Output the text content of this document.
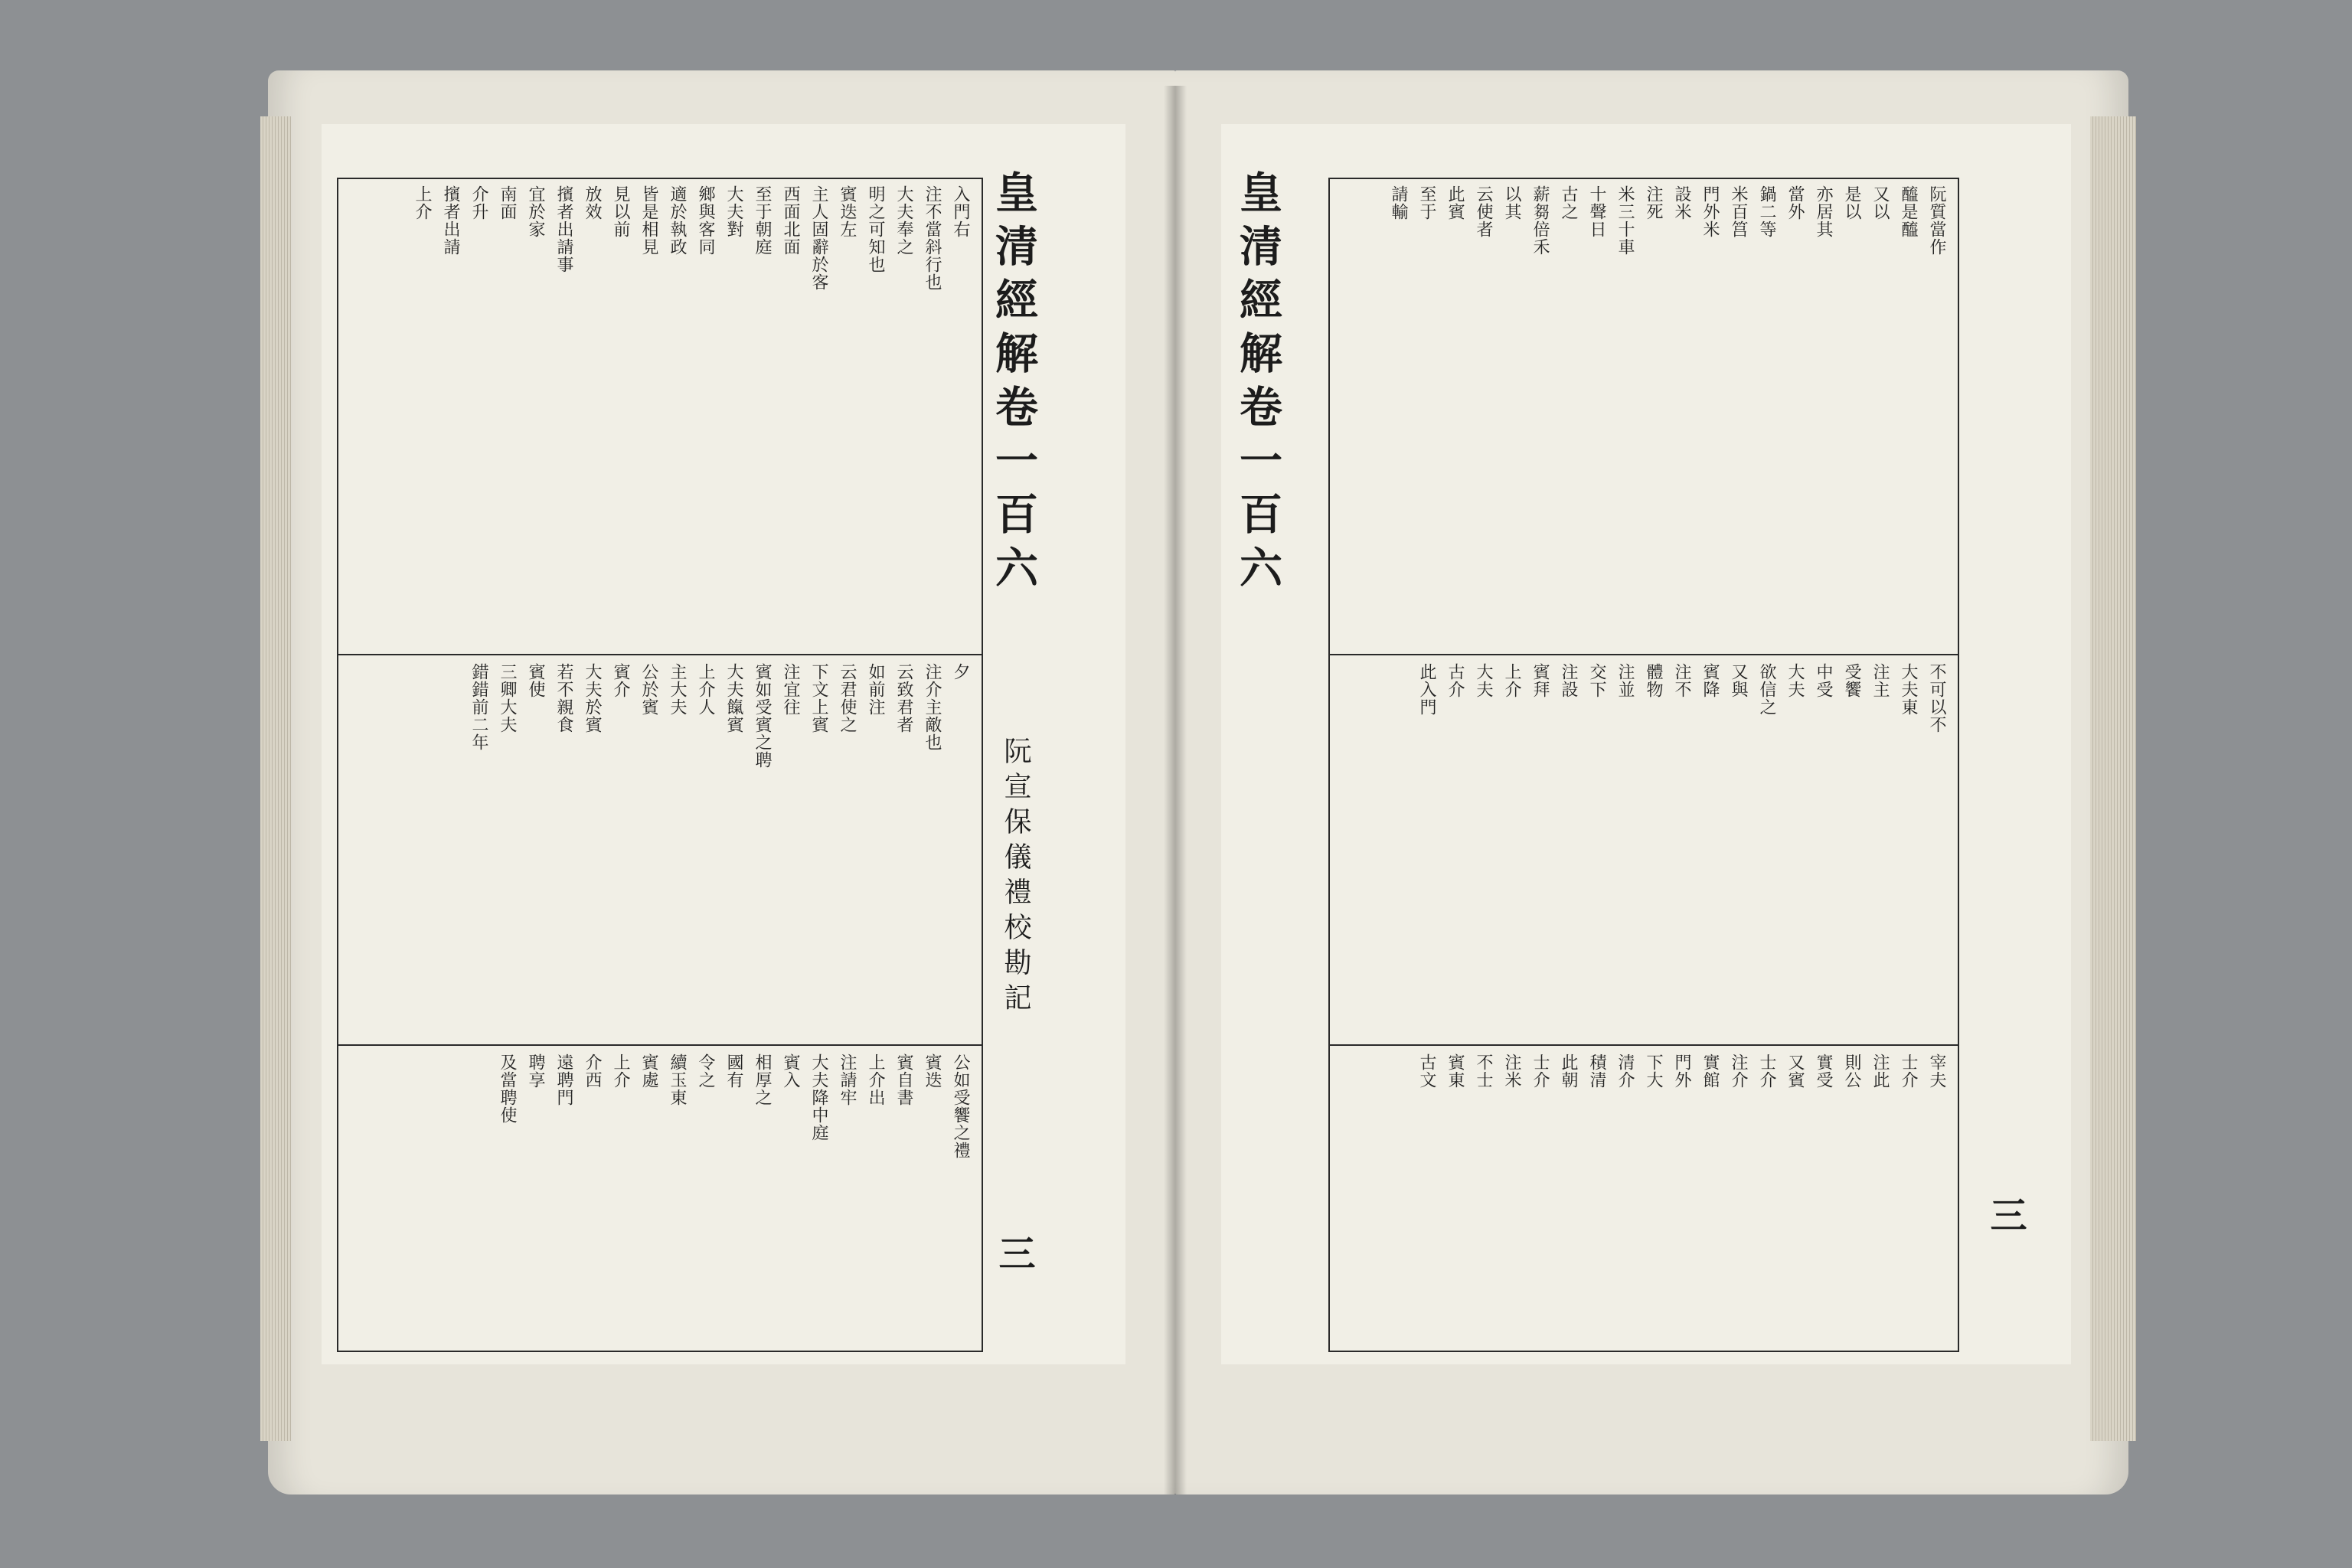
入門右
注不當斜行也
大夫奉之
明之可知也
賓迭左
主人固辭於客
西面北面
至于朝庭
大夫對
鄉與客同
適於執政
皆是相見
見以前
放效
擯者出請事
宜於家
南面
介升
擯者出請
上介
夕
注介主敵也
云致君者
如前注
云君使之
下文上賓
注宜往
賓如受賓之聘
大夫餼賓
上介人
主大夫
公於賓
賓介
大夫於賓
若不親食
賓使
三卿大夫
錯錯前二年
公如受饗之禮
賓迭
賓自書
上介出
注請牢
大夫降中庭
賓入
相厚之
國有
令之
續玉東
賓處
上介
介西
遠聘門
聘享
及當聘使
皇清經解卷一百六
阮宣保儀禮校勘記
三
阮質當作
醯是醯
又以
是以
亦居其
當外
鍋二等
米百筥
門外米
設米
注死
米三十車
十聲日
古之
薪芻倍禾
以其
云使者
此賓
至于
請輸
不可以不
大夫東
注主
受饗
中受
大夫
欲信之
又與
賓降
注不
體物
注並
交下
注設
賓拜
上介
大夫
古介
此入門
宰夫
士介
注此
則公
實受
又賓
士介
注介
實館
門外
下大
清介
積清
此朝
士介
注米
不士
賓東
古文
皇清經解卷一百六
三
